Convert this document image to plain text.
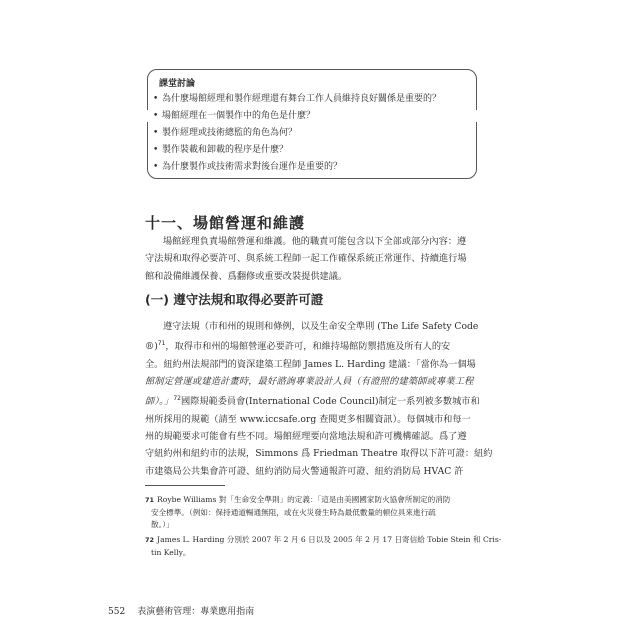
課堂討論
• 為什麼場館經理和製作經理還有舞台工作人員維持良好關係是重要的？
• 場館經理在一個製作中的角色是什麼？
• 製作經理或技術總監的角色為何？
• 製作裝載和卸載的程序是什麼？
• 為什麼製作或技術需求對後台運作是重要的？
十一、場館營運和維護
場館經理負責場館營運和維護。他的職責可能包含以下全部或部分內容：遵
守法規和取得必要許可、與系統工程師一起工作確保系統正常運作、持續進行場
館和設備維護保養、爲翻修或重要改裝提供建議。
(一) 遵守法規和取得必要許可證
遵守法規（市和州的規則和條例，以及生命安全準則 (The Life Safety Code
®)$^{71}$，取得市和州的場館營運必要許可，和維持場館防禦措施及所有人的安
全。紐約州法規部門的資深建築工程師 James L. Harding 建議：「當你為一個場
館制定營運或建造計畫時，最好諮詢專業設計人員（有證照的建築師或專業工程
師）。」$^{72}$國際規範委員會(International Code Council)制定一系列被多數城市和
州所採用的規範（請至 www.iccsafe.org 查閱更多相關資訊）。每個城市和每一
州的規範要求可能會有些不同。場館經理要向當地法規和許可機構確認。爲了遵
守紐約州和紐約市的法規，Simmons 爲 Friedman Theatre 取得以下許可證：紐約
市建築局公共集會許可證、紐約消防局火警通報許可證、紐約消防局 HVAC 許
71 Roybe Williams 對「生命安全準則」的定義：「這是由美國國家防火協會所制定的消防
安全標準。（例如：保持通道暢通無阻，或在火災發生時為最低數量的頓位具來進行疏
散。）」
72 James L. Harding 分別於 2007 年 2 月 6 日以及 2005 年 2 月 17 日寄信給 Tobie Stein 和 Cris-
tin Kelly。
552 表演藝術管理：專業應用指南
